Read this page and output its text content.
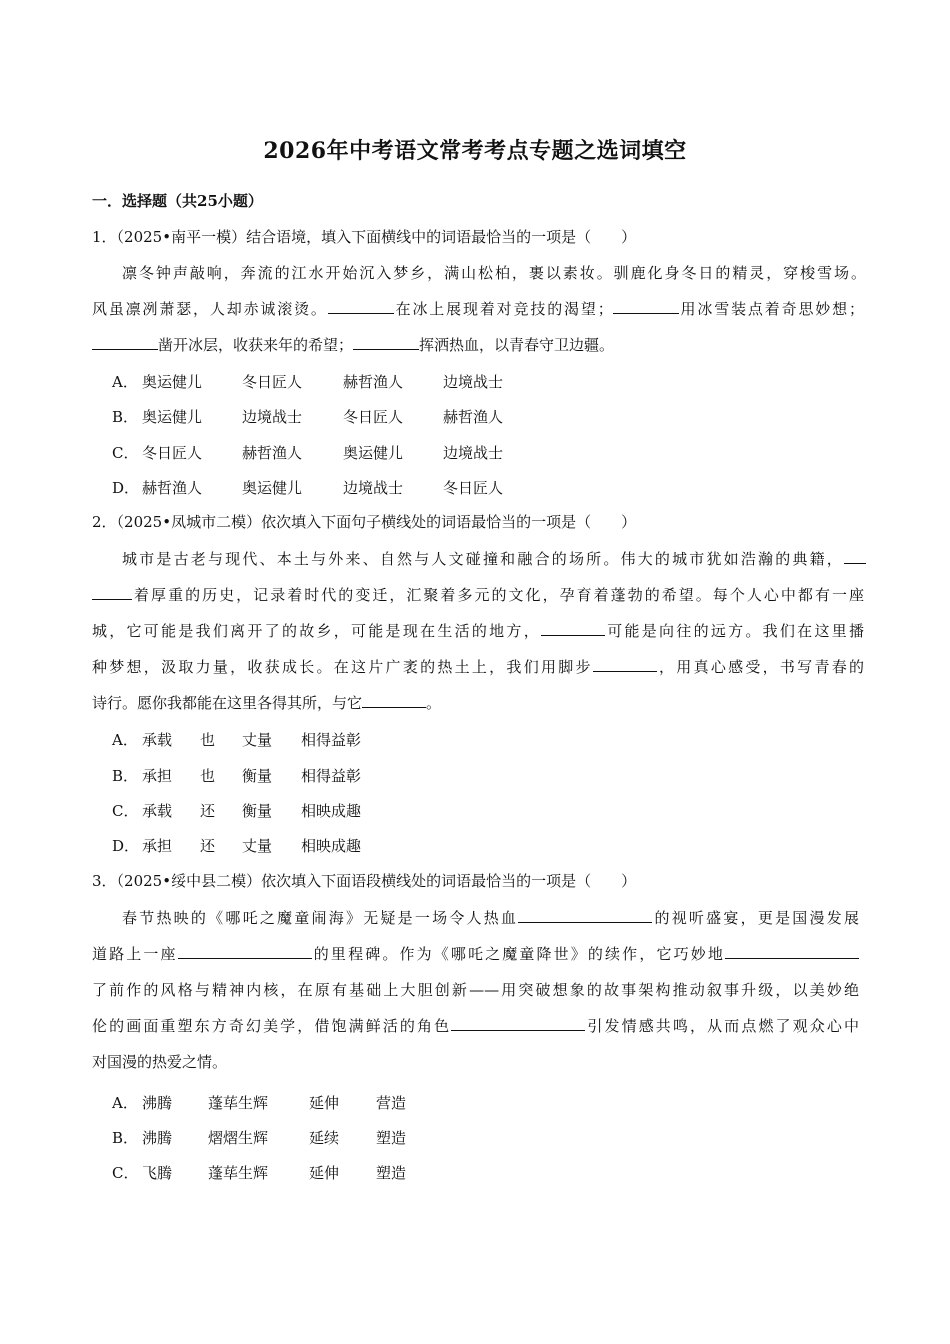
2026年中考语文常考考点专题之选词填空
一．选择题（共25小题）
1．（2025•南平一模）结合语境，填入下面横线中的词语最恰当的一项是（　　）
凛冬钟声敲响，奔流的江水开始沉入梦乡，满山松柏，裹以素妆。驯鹿化身冬日的精灵，穿梭雪场。
风虽凛冽萧瑟，人却赤诚滚烫。	在冰上展现着对竞技的渴望；	用冰雪装点着奇思妙想；
凿开冰层，收获来年的希望；	挥洒热血，以青春守卫边疆。
A． 奥运健儿	冬日匠人	赫哲渔人	边境战士
B． 奥运健儿	边境战士	冬日匠人	赫哲渔人
C． 冬日匠人	赫哲渔人	奥运健儿	边境战士
D． 赫哲渔人	奥运健儿	边境战士	冬日匠人
2．（2025•凤城市二模）依次填入下面句子横线处的词语最恰当的一项是（　　）
城市是古老与现代、本土与外来、自然与人文碰撞和融合的场所。伟大的城市犹如浩瀚的典籍，
着厚重的历史，记录着时代的变迁，汇聚着多元的文化，孕育着蓬勃的希望。每个人心中都有一座
城，它可能是我们离开了的故乡，可能是现在生活的地方，	可能是向往的远方。我们在这里播
种梦想，汲取力量，收获成长。在这片广袤的热土上，我们用脚步	，用真心感受，书写青春的
诗行。愿你我都能在这里各得其所，与它	。
A． 承载 也 丈量 相得益彰
B． 承担 也 衡量 相得益彰
C． 承载 还 衡量 相映成趣
D． 承担 还 丈量 相映成趣
3．（2025•绥中县二模）依次填入下面语段横线处的词语最恰当的一项是（　　）
春节热映的《哪吒之魔童闹海》无疑是一场令人热血	的视听盛宴，更是国漫发展
道路上一座	的里程碑。作为《哪吒之魔童降世》的续作，它巧妙地
了前作的风格与精神内核，在原有基础上大胆创新——用突破想象的故事架构推动叙事升级，以美妙绝
伦的画面重塑东方奇幻美学，借饱满鲜活的角色	引发情感共鸣，从而点燃了观众心中
对国漫的热爱之情。
A． 沸腾 蓬荜生辉	延伸 营造
B． 沸腾 熠熠生辉	延续 塑造
C． 飞腾 蓬荜生辉	延伸 塑造
